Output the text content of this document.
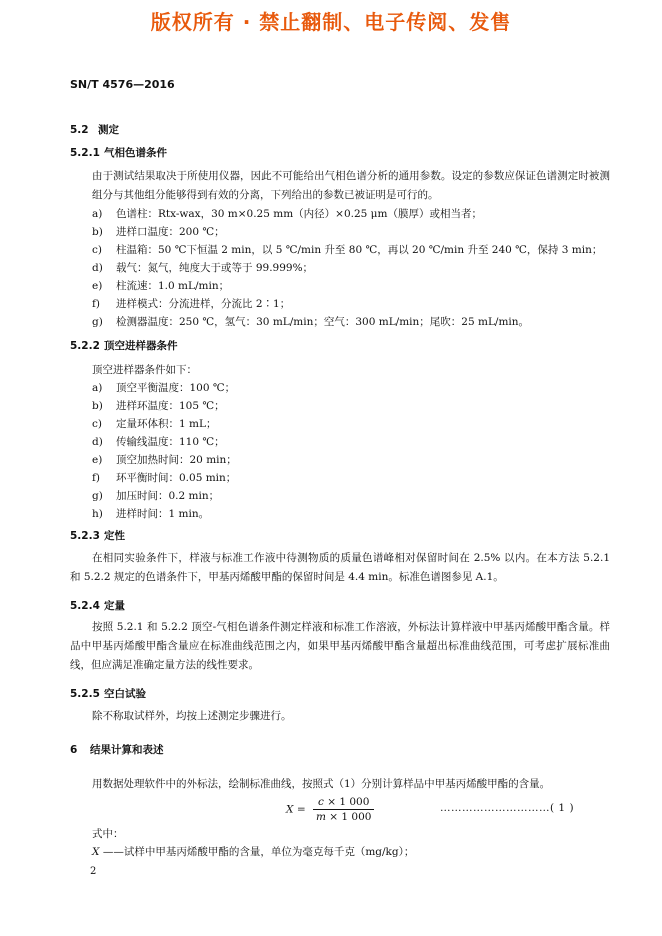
版权所有 · 禁止翻制、电子传阅、发售
SN/T 4576—2016
5.2 测定
5.2.1 气相色谱条件
由于测试结果取决于所使用仪器，因此不可能给出气相色谱分析的通用参数。设定的参数应保证色谱测定时被测组分与其他组分能够得到有效的分离，下列给出的参数已被证明是可行的。
a) 色谱柱：Rtx-wax，30 m×0.25 mm（内径）×0.25 μm（膜厚）或相当者；
b) 进样口温度：200 ℃；
c) 柱温箱：50 ℃下恒温 2 min，以 5 ℃/min 升至 80 ℃，再以 20 ℃/min 升至 240 ℃，保持 3 min；
d) 载气：氮气，纯度大于或等于 99.999%；
e) 柱流速：1.0 mL/min；
f) 进样模式：分流进样，分流比 2∶1；
g) 检测器温度：250 ℃，氢气：30 mL/min；空气：300 mL/min；尾吹：25 mL/min。
5.2.2 顶空进样器条件
顶空进样器条件如下：
a) 顶空平衡温度：100 ℃；
b) 进样环温度：105 ℃；
c) 定量环体积：1 mL；
d) 传输线温度：110 ℃；
e) 顶空加热时间：20 min；
f) 环平衡时间：0.05 min；
g) 加压时间：0.2 min；
h) 进样时间：1 min。
5.2.3 定性
在相同实验条件下，样液与标准工作液中待测物质的质量色谱峰相对保留时间在 2.5% 以内。在本方法 5.2.1 和 5.2.2 规定的色谱条件下，甲基丙烯酸甲酯的保留时间是 4.4 min。标准色谱图参见 A.1。
5.2.4 定量
按照 5.2.1 和 5.2.2 顶空-气相色谱条件测定样液和标准工作溶液，外标法计算样液中甲基丙烯酸甲酯含量。样品中甲基丙烯酸甲酯含量应在标准曲线范围之内，如果甲基丙烯酸甲酯含量超出标准曲线范围，可考虑扩展标准曲线，但应满足准确定量方法的线性要求。
5.2.5 空白试验
除不称取试样外，均按上述测定步骤进行。
6 结果计算和表述
用数据处理软件中的外标法，绘制标准曲线，按照式（1）分别计算样品中甲基丙烯酸甲酯的含量。
$X = \frac{c \times 1 000}{m \times 1 000}$	…………………………( 1 )
式中：
X ——试样中甲基丙烯酸甲酯的含量，单位为毫克每千克（mg/kg）；
2
